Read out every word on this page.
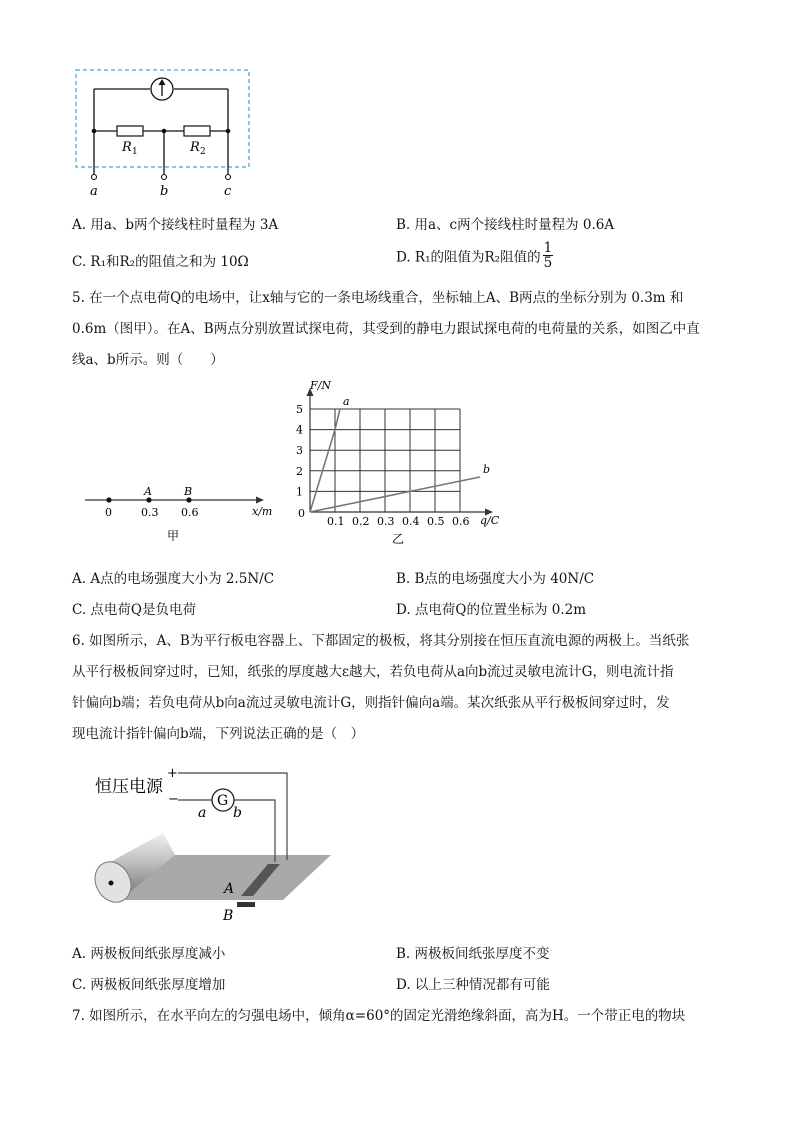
R 1	R 2
a	b	c
A. 用a、b两个接线柱时量程为 3A	B. 用a、c两个接线柱时量程为 0.6A
C. R₁和R₂的阻值之和为 10Ω	D. R₁的阻值为R₂阻值的 $\frac{1}{5}$
5. 在一个点电荷Q的电场中，让x轴与它的一条电场线重合，坐标轴上A、B两点的坐标分别为 0.3m 和
0.6m（图甲）。在A、B两点分别放置试探电荷，其受到的静电力跟试探电荷的电荷量的关系，如图乙中直
线a、b所示。则（　　）
A	B
0	0.3 0.6	x/m
甲
0.1 0.2 0.3 0.4 0.5 0.6
1
2
3
4
5
a
b
F/N
q/C
0
乙
A. A点的电场强度大小为 2.5N/C	B. B点的电场强度大小为 40N/C
C. 点电荷Q是负电荷	D. 点电荷Q的位置坐标为 0.2m
6. 如图所示，A、B为平行板电容器上、下都固定的极板，将其分别接在恒压直流电源的两极上。当纸张
从平行极板间穿过时，已知，纸张的厚度越大ε越大，若负电荷从a向b流过灵敏电流计G，则电流计指
针偏向b端；若负电荷从b向a流过灵敏电流计G，则指针偏向a端。某次纸张从平行极板间穿过时，发
现电流计指针偏向b端，下列说法正确的是（　）
恒压电源
+
−	G
a b
A
B
A. 两极板间纸张厚度减小	B. 两极板间纸张厚度不变
C. 两极板间纸张厚度增加	D. 以上三种情况都有可能
7. 如图所示，在水平向左的匀强电场中，倾角α=60°的固定光滑绝缘斜面，高为H。一个带正电的物块
